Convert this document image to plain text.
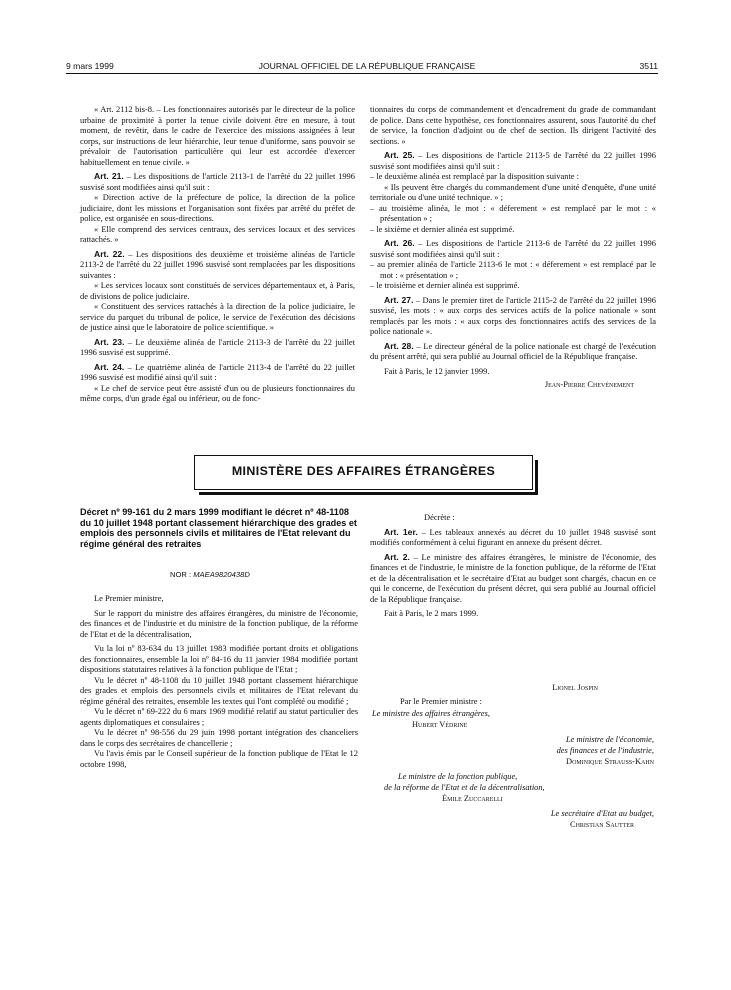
9 mars 1999	JOURNAL OFFICIEL DE LA RÉPUBLIQUE FRANÇAISE	3511

« Art. 2112 bis-8. – Les fonctionnaires autorisés par le directeur de la police urbaine de proximité à porter la tenue civile doivent être en mesure, à tout moment, de revêtir, dans le cadre de l'exercice des missions assignées à leur corps, sur instructions de leur hiérarchie, leur tenue d'uniforme, sans pouvoir se prévaloir de l'autorisation particulière qui leur est accordée d'exercer habituellement en tenue civile. »

Art. 21. – Les dispositions de l'article 2113-1 de l'arrêté du 22 juillet 1996 susvisé sont modifiées ainsi qu'il suit :

« Direction active de la préfecture de police, la direction de la police judiciaire, dont les missions et l'organisation sont fixées par arrêté du préfet de police, est organisée en sous-directions.

« Elle comprend des services centraux, des services locaux et des services rattachés. »

Art. 22. – Les dispositions des deuxième et troisième alinéas de l'article 2113-2 de l'arrêté du 22 juillet 1996 susvisé sont remplacées par les dispositions suivantes :

« Les services locaux sont constitués de services départementaux et, à Paris, de divisions de police judiciaire.

« Constituent des services rattachés à la direction de la police judiciaire, le service du parquet du tribunal de police, le service de l'exécution des décisions de justice ainsi que le laboratoire de police scientifique. »

Art. 23. – Le deuxième alinéa de l'article 2113-3 de l'arrêté du 22 juillet 1996 susvisé est supprimé.

Art. 24. – Le quatrième alinéa de l'article 2113-4 de l'arrêté du 22 juillet 1996 susvisé est modifié ainsi qu'il suit :

« Le chef de service peut être assisté d'un ou de plusieurs fonctionnaires du même corps, d'un grade égal ou inférieur, ou de fonc-

tionnaires du corps de commandement et d'encadrement du grade de commandant de police. Dans cette hypothèse, ces fonctionnaires assurent, sous l'autorité du chef de service, la fonction d'adjoint ou de chef de section. Ils dirigent l'activité des sections. »

Art. 25. – Les dispositions de l'article 2113-5 de l'arrêté du 22 juillet 1996 susvisé sont modifiées ainsi qu'il suit :

– le deuxième alinéa est remplacé par la disposition suivante :

« Ils peuvent être chargés du commandement d'une unité d'enquête, d'une unité territoriale ou d'une unité technique. » ;

– au troisième alinéa, le mot : « déferement » est remplacé par le mot : « présentation » ;

– le sixième et dernier alinéa est supprimé.

Art. 26. – Les dispositions de l'article 2113-6 de l'arrêté du 22 juillet 1996 susvisé sont modifiées ainsi qu'il suit :

– au premier alinéa de l'article 2113-6 le mot : « déferement » est remplacé par le mot : « présentation » ;

– le troisième et dernier alinéa est supprimé.

Art. 27. – Dans le premier tiret de l'article 2115-2 de l'arrêté du 22 juillet 1996 susvisé, les mots : « aux corps des services actifs de la police nationale » sont remplacés par les mots : « aux corps des fonctionnaires actifs des services de la police nationale ».

Art. 28. – Le directeur général de la police nationale est chargé de l'exécution du présent arrêté, qui sera publié au Journal officiel de la République française.

Fait à Paris, le 12 janvier 1999.

Jean-Pierre Chevènement

MINISTÈRE DES AFFAIRES ÉTRANGÈRES
Décret nº 99-161 du 2 mars 1999 modifiant le décret nº 48-1108 du 10 juillet 1948 portant classement hiérarchique des grades et emplois des personnels civils et militaires de l'Etat relevant du régime général des retraites
NOR : MAEA9820438D

Le Premier ministre,

Sur le rapport du ministre des affaires étrangères, du ministre de l'économie, des finances et de l'industrie et du ministre de la fonction publique, de la réforme de l'Etat et de la décentralisation,

Vu la loi nº 83-634 du 13 juillet 1983 modifiée portant droits et obligations des fonctionnaires, ensemble la loi nº 84-16 du 11 janvier 1984 modifiée portant dispositions statutaires relatives à la fonction publique de l'Etat ;

Vu le décret nº 48-1108 du 10 juillet 1948 portant classement hiérarchique des grades et emplois des personnels civils et militaires de l'Etat relevant du régime général des retraites, ensemble les textes qui l'ont complété ou modifié ;

Vu le décret nº 69-222 du 6 mars 1969 modifié relatif au statut particulier des agents diplomatiques et consulaires ;

Vu le décret nº 98-556 du 29 juin 1998 portant intégration des chanceliers dans le corps des secrétaires de chancellerie ;

Vu l'avis émis par le Conseil supérieur de la fonction publique de l'Etat le 12 octobre 1998,

Décrète :

Art. 1er. – Les tableaux annexés au décret du 10 juillet 1948 susvisé sont modifiés conformément à celui figurant en annexe du présent décret.

Art. 2. – Le ministre des affaires étrangères, le ministre de l'économie, des finances et de l'industrie, le ministre de la fonction publique, de la réforme de l'Etat et de la décentralisation et le secrétaire d'Etat au budget sont chargés, chacun en ce qui le concerne, de l'exécution du présent décret, qui sera publié au Journal officiel de la République française.

Fait à Paris, le 2 mars 1999.

Lionel Jospin
Par le Premier ministre :
Le ministre des affaires étrangères,
Hubert Védrine
Le ministre de l'économie,
des finances et de l'industrie,
Dominique Strauss-Kahn
Le ministre de la fonction publique,
de la réforme de l'Etat et de la décentralisation,
Émile Zuccarelli
Le secrétaire d'Etat au budget,
Christian Sautter
